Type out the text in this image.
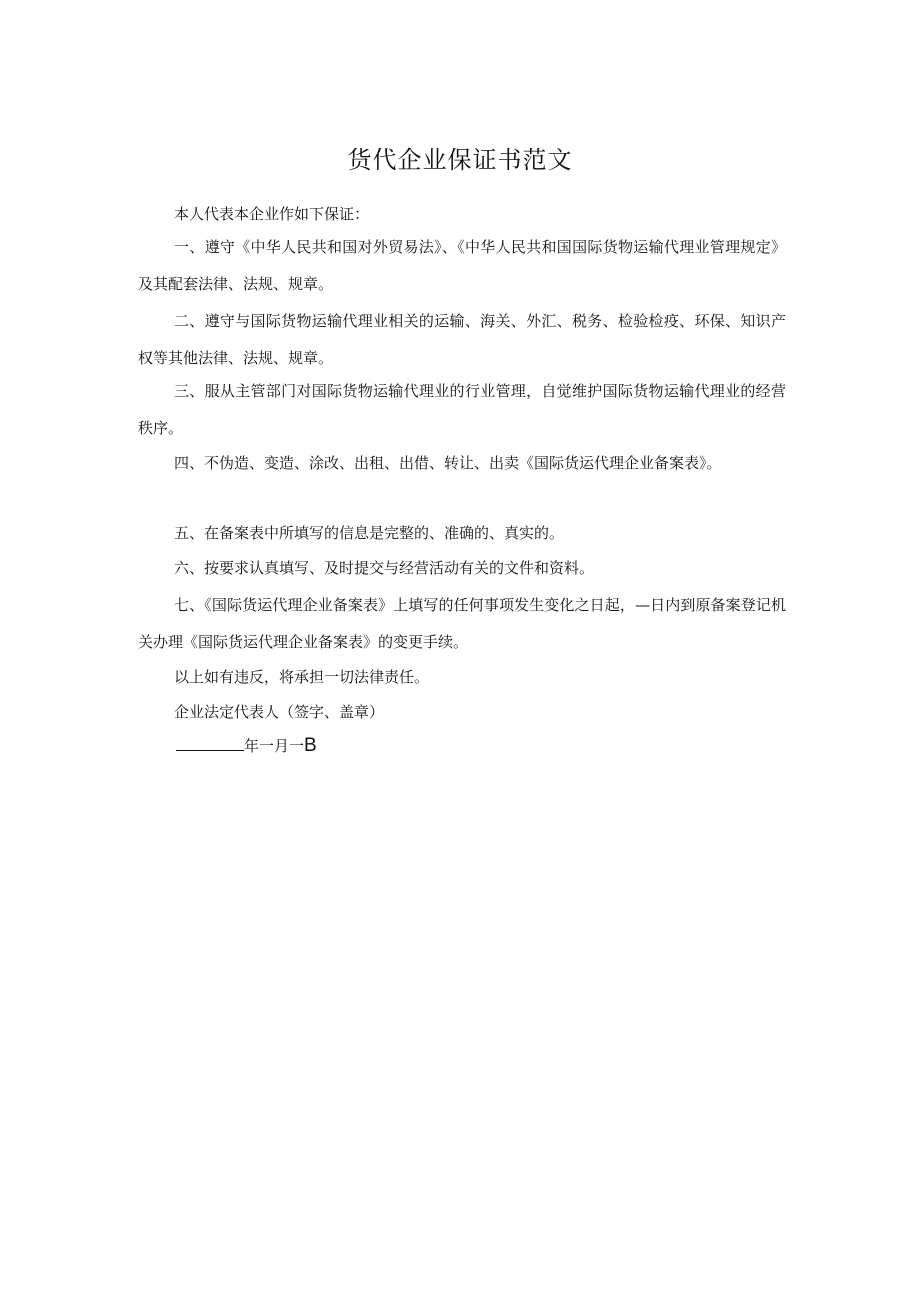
货代企业保证书范文
本人代表本企业作如下保证：
一、遵守《中华人民共和国对外贸易法》、《中华人民共和国国际货物运输代理业管理规定》及其配套法律、法规、规章。
二、遵守与国际货物运输代理业相关的运输、海关、外汇、税务、检验检疫、环保、知识产权等其他法律、法规、规章。
三、服从主管部门对国际货物运输代理业的行业管理，自觉维护国际货物运输代理业的经营秩序。
四、不伪造、变造、涂改、出租、出借、转让、出卖《国际货运代理企业备案表》。
五、在备案表中所填写的信息是完整的、准确的、真实的。
六、按要求认真填写、及时提交与经营活动有关的文件和资料。
七、《国际货运代理企业备案表》上填写的任何事项发生变化之日起，—日内到原备案登记机关办理《国际货运代理企业备案表》的变更手续。
以上如有违反，将承担一切法律责任。
企业法定代表人（签字、盖章）
年一月一B
